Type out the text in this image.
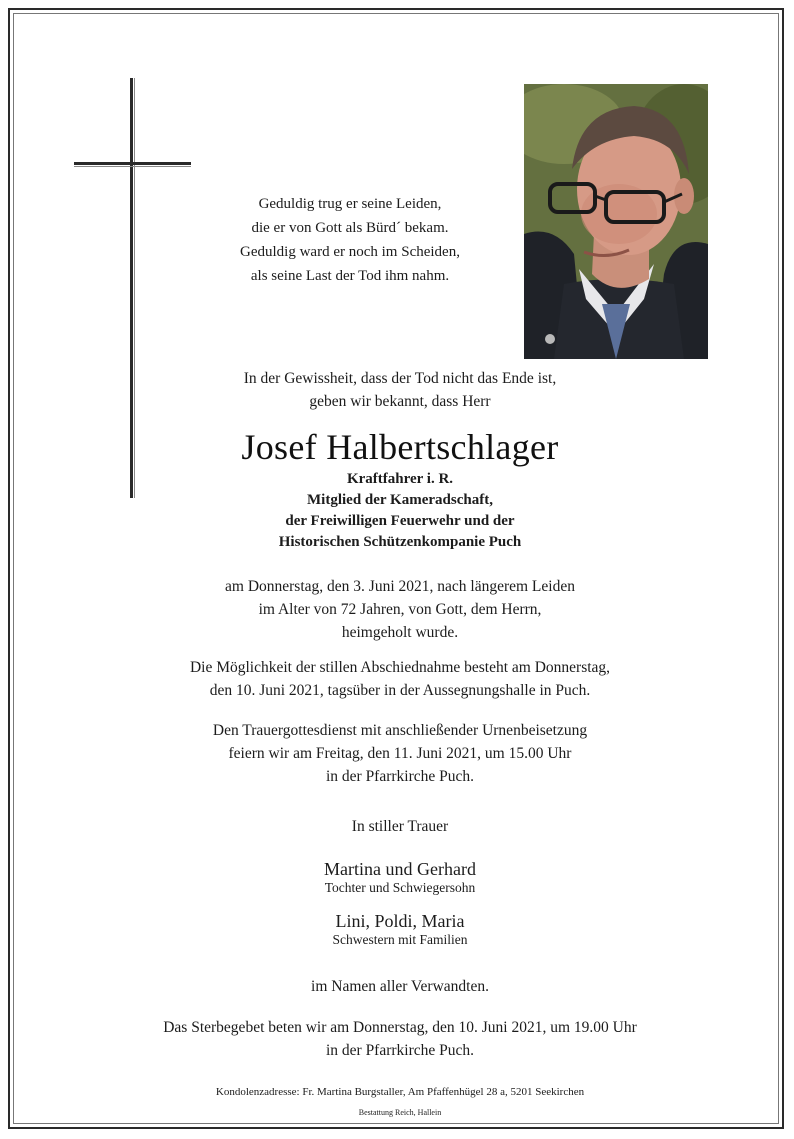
Geduldig trug er seine Leiden,
die er von Gott als Bürd´ bekam.
Geduldig ward er noch im Scheiden,
als seine Last der Tod ihm nahm.
In der Gewissheit, dass der Tod nicht das Ende ist,
geben wir bekannt, dass Herr
Josef Halbertschlager
Kraftfahrer i. R.
Mitglied der Kameradschaft,
der Freiwilligen Feuerwehr und der
Historischen Schützenkompanie Puch
am Donnerstag, den 3. Juni 2021, nach längerem Leiden
im Alter von 72 Jahren, von Gott, dem Herrn,
heimgeholt wurde.
Die Möglichkeit der stillen Abschiednahme besteht am Donnerstag,
den 10. Juni 2021, tagsüber in der Aussegnungshalle in Puch.
Den Trauergottesdienst mit anschließender Urnenbeisetzung
feiern wir am Freitag, den 11. Juni 2021, um 15.00 Uhr
in der Pfarrkirche Puch.
In stiller Trauer
Martina und Gerhard
Tochter und Schwiegersohn
Lini, Poldi, Maria
Schwestern mit Familien
im Namen aller Verwandten.
Das Sterbegebet beten wir am Donnerstag, den 10. Juni 2021, um 19.00 Uhr
in der Pfarrkirche Puch.
Kondolenzadresse: Fr. Martina Burgstaller, Am Pfaffenhügel 28 a, 5201 Seekirchen
Bestattung Reich, Hallein
